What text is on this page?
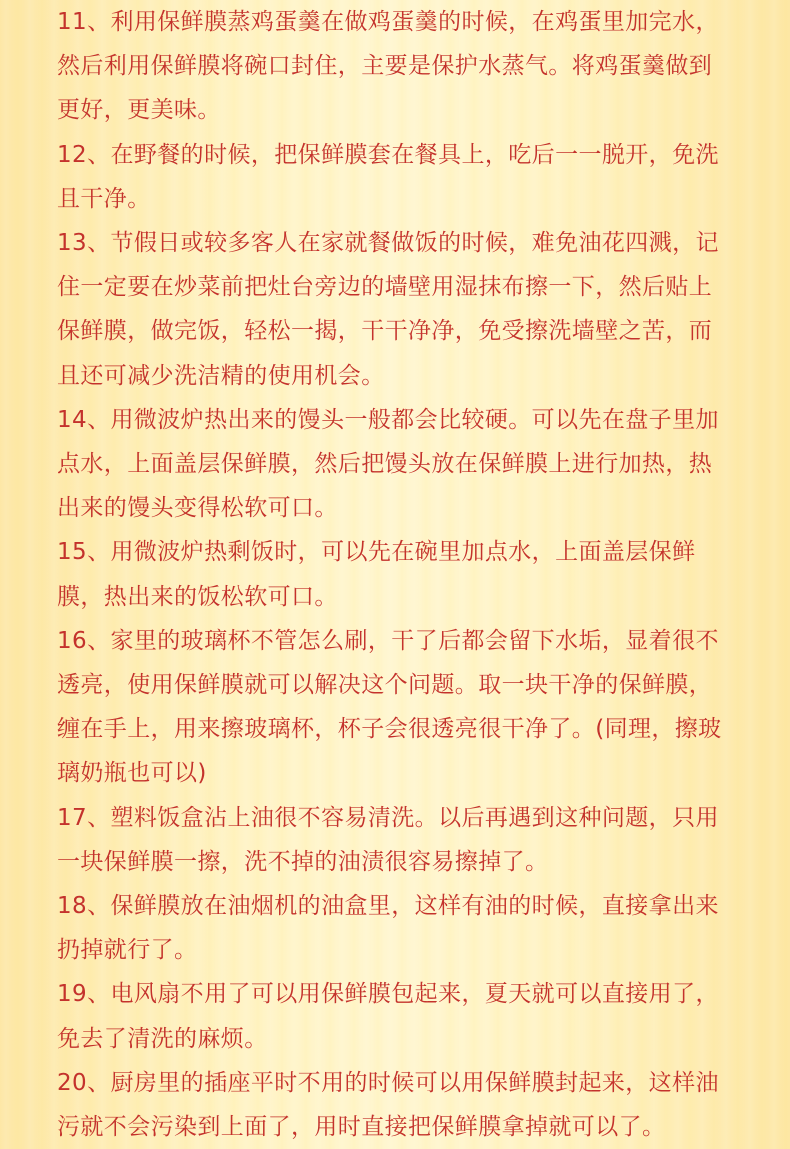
11、利用保鲜膜蒸鸡蛋羹在做鸡蛋羹的时候，在鸡蛋里加完水，然后利用保鲜膜将碗口封住，主要是保护水蒸气。将鸡蛋羹做到更好，更美味。

12、在野餐的时候，把保鲜膜套在餐具上，吃后一一脱开，免洗且干净。

13、节假日或较多客人在家就餐做饭的时候，难免油花四溅，记住一定要在炒菜前把灶台旁边的墙壁用湿抹布擦一下，然后贴上保鲜膜，做完饭，轻松一揭，干干净净，免受擦洗墙壁之苦，而且还可减少洗洁精的使用机会。

14、用微波炉热出来的馒头一般都会比较硬。可以先在盘子里加点水，上面盖层保鲜膜，然后把馒头放在保鲜膜上进行加热，热出来的馒头变得松软可口。

15、用微波炉热剩饭时，可以先在碗里加点水，上面盖层保鲜膜，热出来的饭松软可口。

16、家里的玻璃杯不管怎么刷，干了后都会留下水垢，显着很不透亮，使用保鲜膜就可以解决这个问题。取一块干净的保鲜膜，缠在手上，用来擦玻璃杯，杯子会很透亮很干净了。(同理，擦玻璃奶瓶也可以)

17、塑料饭盒沾上油很不容易清洗。以后再遇到这种问题，只用一块保鲜膜一擦，洗不掉的油渍很容易擦掉了。

18、保鲜膜放在油烟机的油盒里，这样有油的时候，直接拿出来扔掉就行了。

19、电风扇不用了可以用保鲜膜包起来，夏天就可以直接用了，免去了清洗的麻烦。

20、厨房里的插座平时不用的时候可以用保鲜膜封起来，这样油污就不会污染到上面了，用时直接把保鲜膜拿掉就可以了。
